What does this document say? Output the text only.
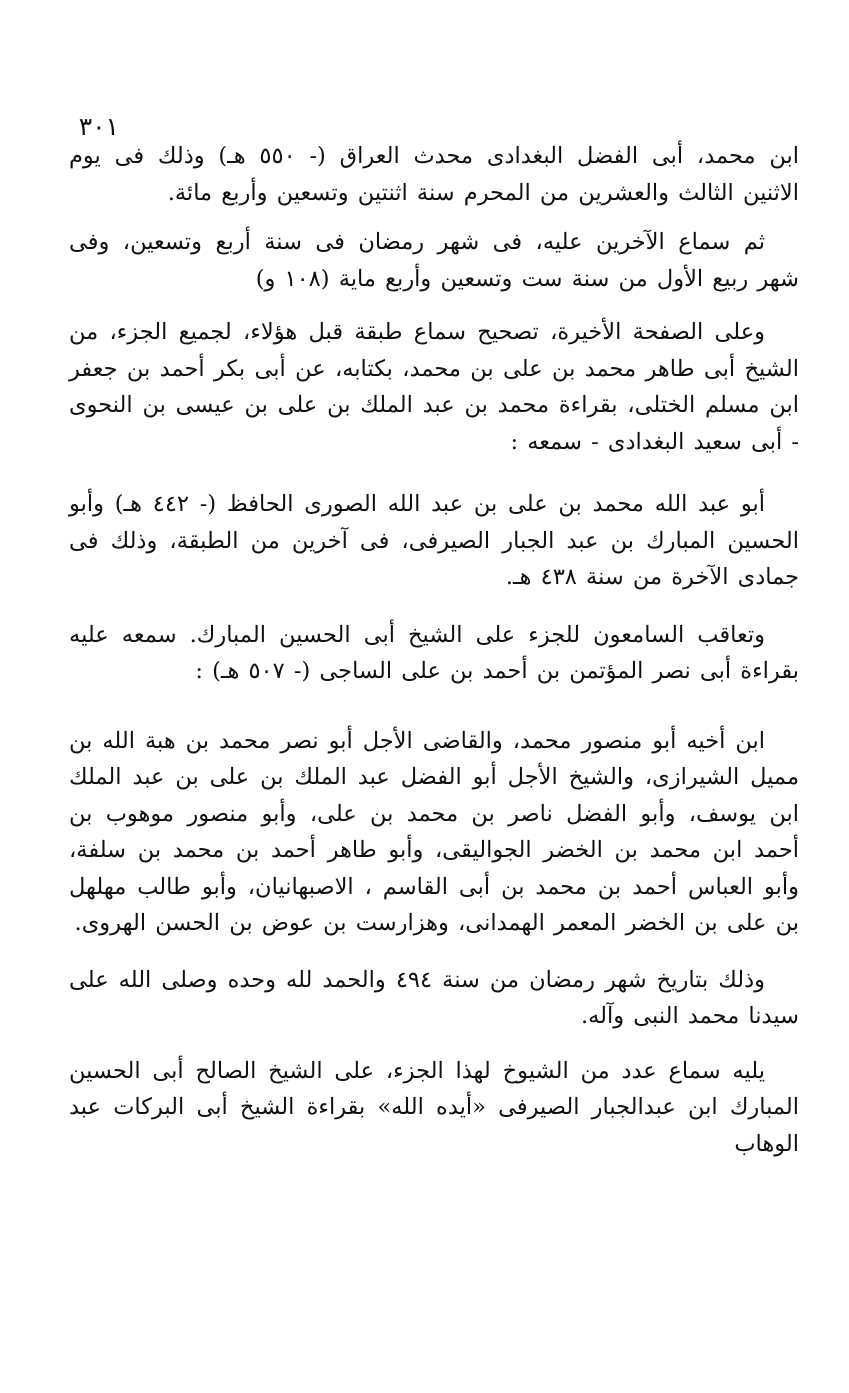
٣٠١

ابن محمد، أبى الفضل البغدادى محدث العراق (- ٥٥٠ هـ) وذلك فى يوم الاثنين الثالث والعشرين من المحرم سنة اثنتين وتسعين وأربع مائة.

ثم سماع الآخرين عليه، فى شهر رمضان فى سنة أربع وتسعين، وفى شهر ربيع الأول من سنة ست وتسعين وأربع ماية (١٠٨ و)

وعلى الصفحة الأخيرة، تصحيح سماع طبقة قبل هؤلاء، لجميع الجزء، من الشيخ أبى طاهر محمد بن على بن محمد، بكتابه، عن أبى بكر أحمد بن جعفر ابن مسلم الختلى، بقراءة محمد بن عبد الملك بن على بن عيسى بن النحوى - أبى سعيد البغدادى - سمعه :

أبو عبد الله محمد بن على بن عبد الله الصورى الحافظ (- ٤٤٢ هـ) وأبو الحسين المبارك بن عبد الجبار الصيرفى، فى آخرين من الطبقة، وذلك فى جمادى الآخرة من سنة ٤٣٨ هـ.

وتعاقب السامعون للجزء على الشيخ أبى الحسين المبارك. سمعه عليه بقراءة أبى نصر المؤتمن بن أحمد بن على الساجى (- ٥٠٧ هـ) :

ابن أخيه أبو منصور محمد، والقاضى الأجل أبو نصر محمد بن هبة الله بن مميل الشيرازى، والشيخ الأجل أبو الفضل عبد الملك بن على بن عبد الملك ابن يوسف، وأبو الفضل ناصر بن محمد بن على، وأبو منصور موهوب بن أحمد ابن محمد بن الخضر الجواليقى، وأبو طاهر أحمد بن محمد بن سلفة، وأبو العباس أحمد بن محمد بن أبى القاسم ، الاصبهانيان، وأبو طالب مهلهل بن على بن الخضر المعمر الهمدانى، وهزارست بن عوض بن الحسن الهروى.

وذلك بتاريخ شهر رمضان من سنة ٤٩٤ والحمد لله وحده وصلى الله على سيدنا محمد النبى وآله.

يليه سماع عدد من الشيوخ لهذا الجزء، على الشيخ الصالح أبى الحسين المبارك ابن عبدالجبار الصيرفى «أيده الله» بقراءة الشيخ أبى البركات عبد الوهاب
